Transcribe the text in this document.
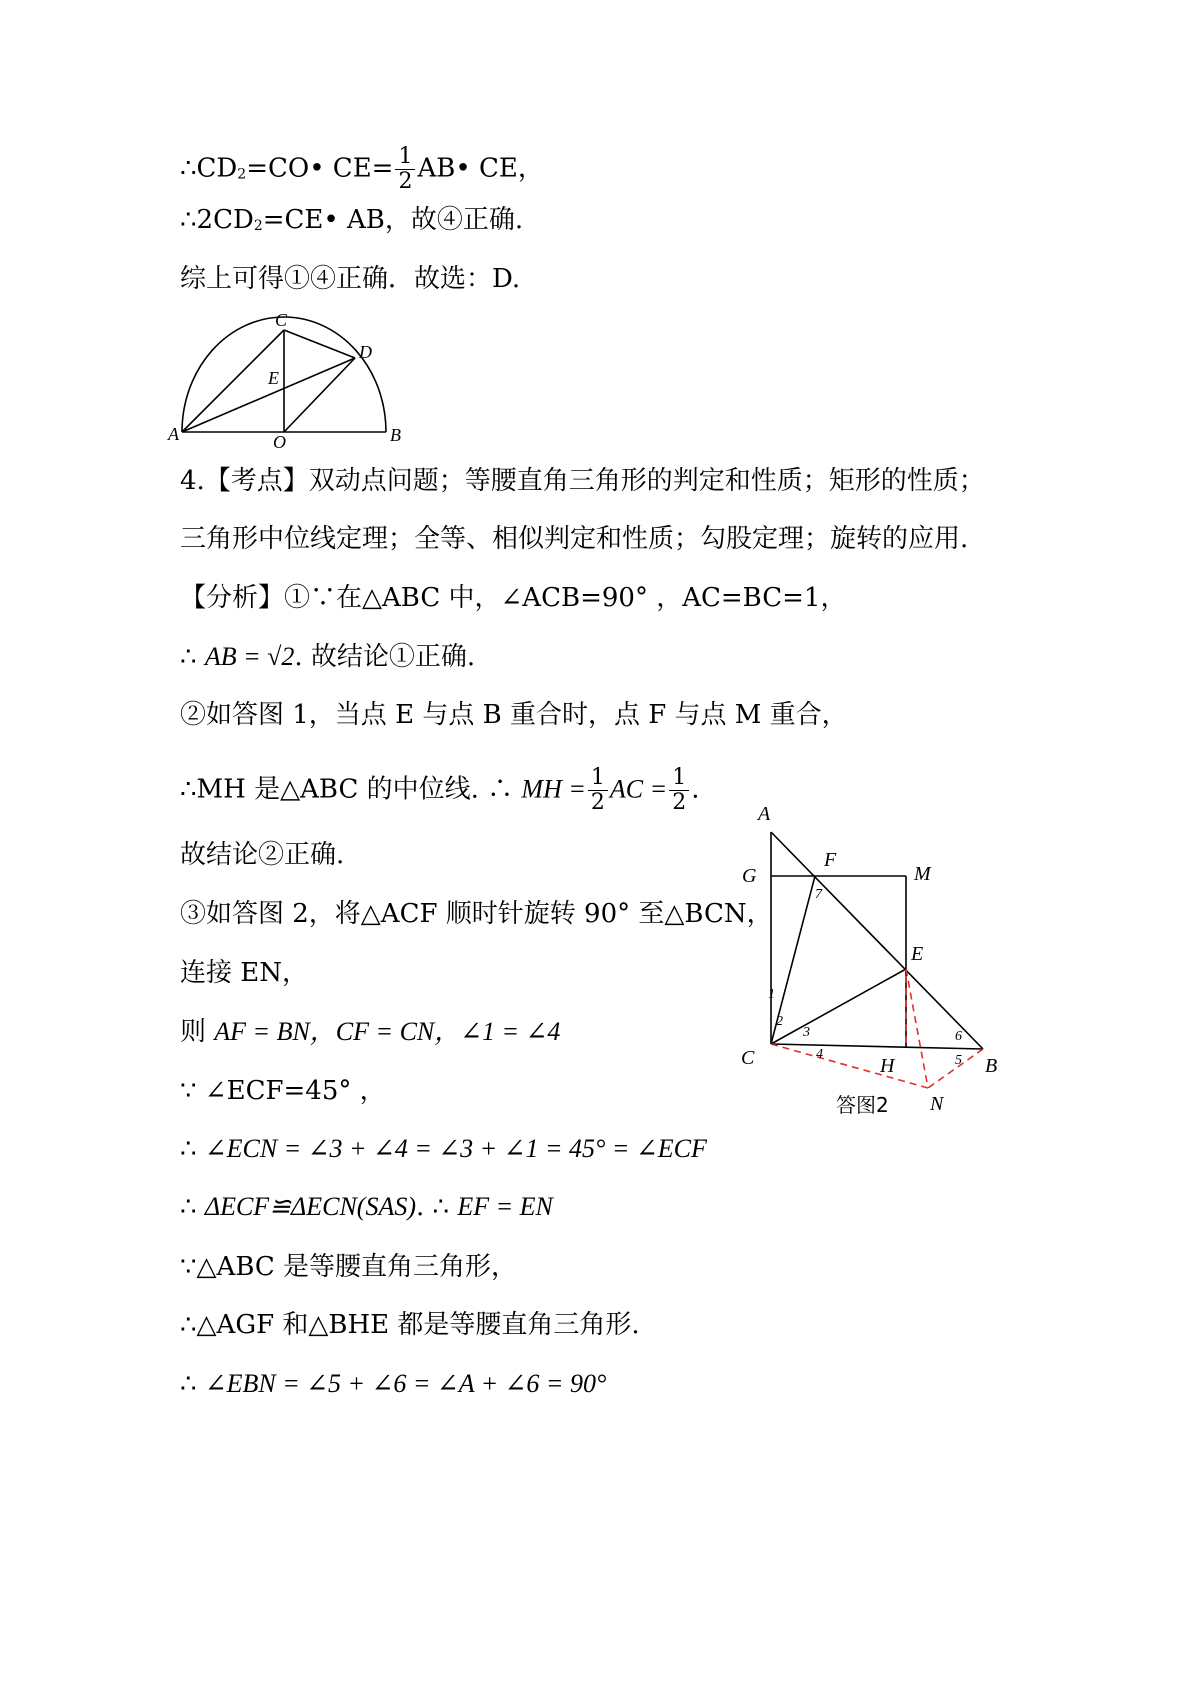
∴CD2=CO• $CE= \frac{1}{2}$ AB• CE，
∴2CD2=CE• AB，故④正确.
综上可得①④正确．故选：D.
C
D
E
A	O	B
4.【考点】双动点问题；等腰直角三角形的判定和性质；矩形的性质；
三角形中位线定理；全等、相似判定和性质；勾股定理；旋转的应用.
【分析】①∵在△ABC 中，∠ACB=90° ，AC=BC=1，
∴ AB = √2. 故结论①正确.
②如答图 1，当点 E 与点 B 重合时，点 F 与点 M 重合，
∴MH 是△ABC 的中位线. ∴ MH = $\frac{1}{2}$ AC = $\frac{1}{2}$ .
故结论②正确.
③如答图 2，将△ACF 顺时针旋转 90° 至△BCN，
连接 EN，
则 AF = BN，CF = CN，∠1 = ∠4
∵ ∠ECF=45° ，
∴ ∠ECN = ∠3 + ∠4 = ∠3 + ∠1 = 45° = ∠ECF
∴ ΔECF≌ΔECN(SAS). ∴ EF = EN
∵△ABC 是等腰直角三角形，
∴△AGF 和△BHE 都是等腰直角三角形.
∴ ∠EBN = ∠5 + ∠6 = ∠A + ∠6 = 90°
A
F
M
G
E
C	H	B
N
7
1
2
3
4	5
6
答图2
